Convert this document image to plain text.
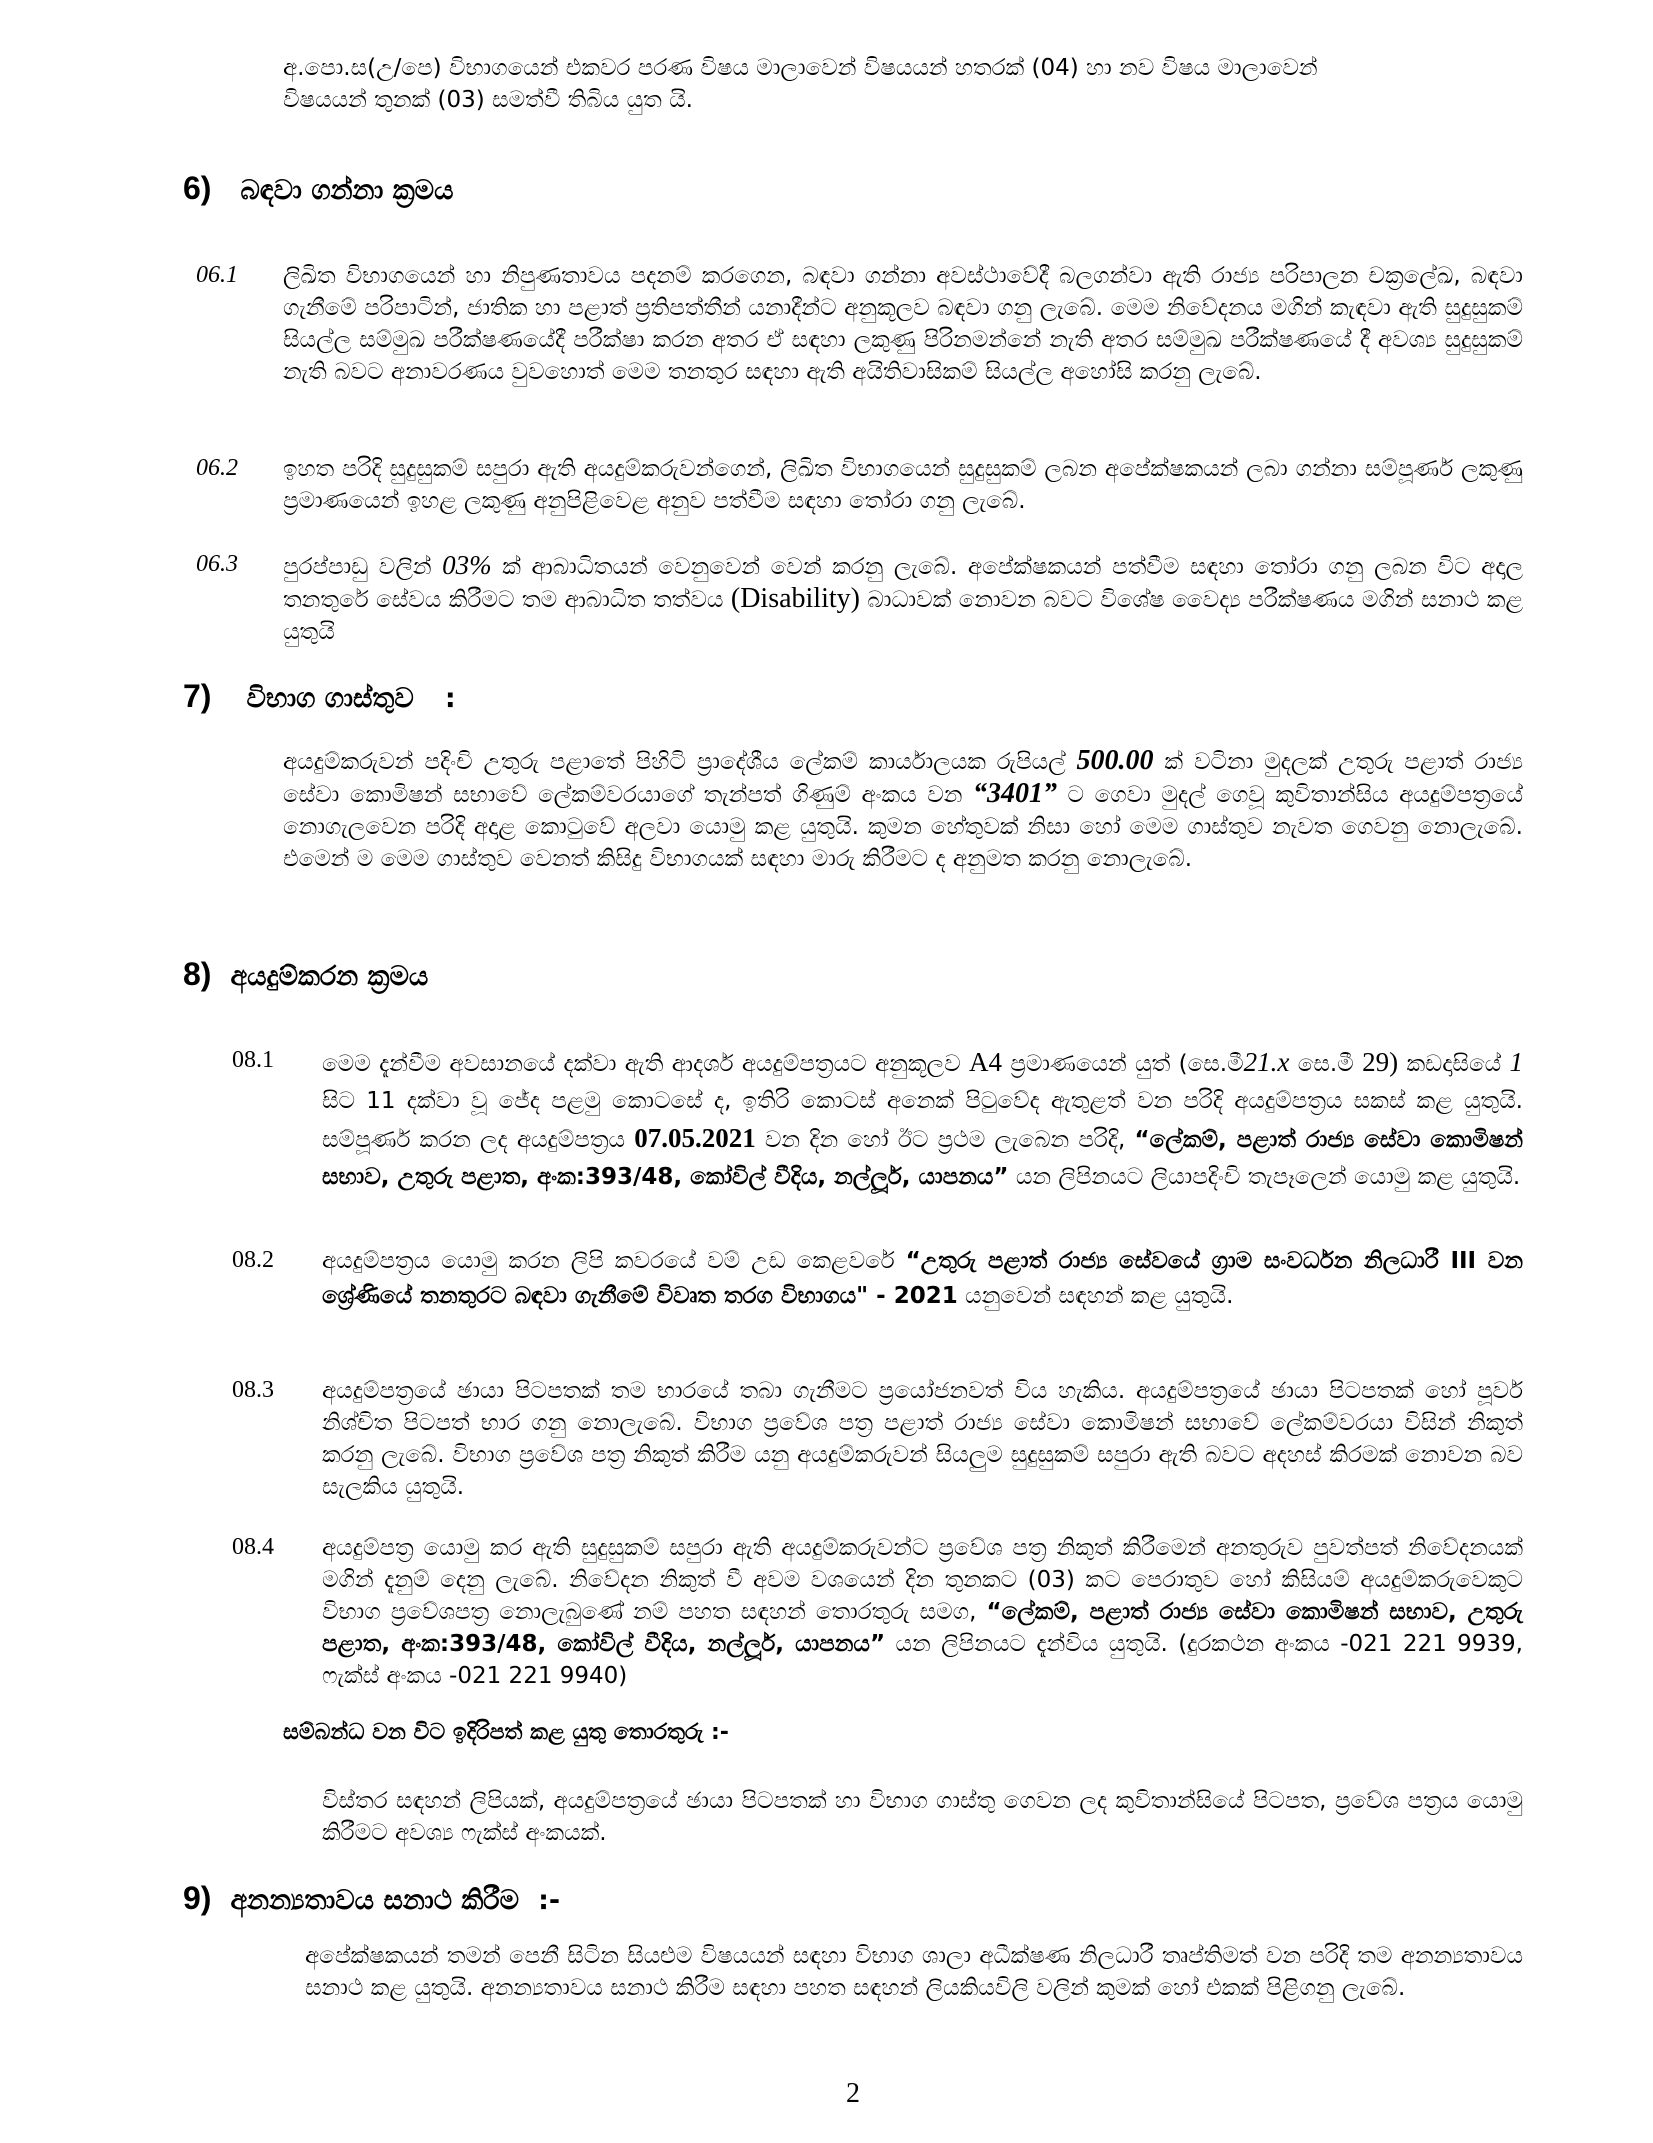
අ.පො.ස(උ/පෙ) විභාගයෙන් එකවර පරණ විෂය මාලාවෙන් විෂයයන් හතරක් (04) හා නව විෂය මාලාවෙන්

විෂයයන් තුනක් (03) සමත්වී තිබිය යුත යි.

6) බඳවා ගන්නා ක්‍රමය
06.1 ලිඛිත විභාගයෙන් හා නිපුණතාවය පදනම් කරගෙන, බඳවා ගන්නා අවස්ථාවේදී බලගන්වා ඇති රාජ්‍ය පරිපාලන චක්‍රලේඛ, බඳවා ගැනීමේ පරිපාටින්, ජාතික හා පළාත් ප්‍රතිපත්තීන් යනාදීන්ට අනුකූලව බඳවා ගනු ලැබේ. මෙම නිවේදනය මගින් කැඳවා ඇති සුදුසුකම් සියල්ල සම්මුඛ පරීක්ෂණයේදී පරීක්ෂා කරන අතර ඒ සඳහා ලකුණු පිරිනමන්නේ නැති අතර සම්මුඛ පරීක්ෂණයේ දී අවශ්‍ය සුදුසුකම් නැති බවට අනාවරණය වුවහොත් මෙම තනතුර සඳහා ඇති අයිතිවාසිකම් සියල්ල අහෝසි කරනු ලැබේ.

06.2 ඉහත පරිදි සුදුසුකම් සපුරා ඇති අයදුම්කරුවන්ගෙන්, ලිඛිත විභාගයෙන් සුදුසුකම් ලබන අපේක්ෂකයන් ලබා ගන්නා සම්පූර්ණ ලකුණු ප්‍රමාණයෙන් ඉහළ ලකුණු අනුපිළිවෙළ අනුව පත්වීම සඳහා තෝරා ගනු ලැබේ.

06.3 පුරප්පාඩු වලින් 03% ක් ආබාධිතයන් වෙනුවෙන් වෙන් කරනු ලැබේ. අපේක්ෂකයන් පත්වීම සඳහා තෝරා ගනු ලබන විට අදාල තනතුරේ සේවය කිරීමට තම ආබාධිත තත්වය (Disability) බාධාවක් නොවන බවට විශේෂ වෛද්‍ය පරීක්ෂණය මගින් සනාථ කළ යුතුයි

7) විභාග ගාස්තුව :

අයදුම්කරුවන් පදිංචි උතුරු පළාතේ පිහිටි ප්‍රාදේශීය ලේකම් කාර්යාලයක රුපියල් 500.00 ක් වටිනා මුදලක් උතුරු පළාත් රාජ්‍ය සේවා කොමිෂන් සභාවේ ලේකම්වරයාගේ තැන්පත් ගිණුම් අංකය වන “3401” ට ගෙවා මුදල් ගෙවූ කුවිතාන්සිය අයදුම්පත්‍රයේ නොගැලවෙන පරිදි අදාළ කොටුවේ අලවා යොමු කළ යුතුයි. කුමන හේතුවක් නිසා හෝ මෙම ගාස්තුව නැවත ගෙවනු නොලැබේ. එමෙන් ම මෙම ගාස්තුව වෙනත් කිසිදු විභාගයක් සඳහා මාරු කිරීමට ද අනුමත කරනු නොලැබේ.

8) අයදුම්කරන ක්‍රමය
08.1 මෙම දැන්වීම අවසානයේ දක්වා ඇති ආදර්ශ අයදුම්පත්‍රයට අනුකූලව A4 ප්‍රමාණයෙන් යුත් (සෙ.මී21.x සෙ.මී 29) කඩදාසියේ 1 සිට 11 දක්වා වූ ජේද පළමු කොටසේ ද, ඉතිරි කොටස් අනෙක් පිටුවේද ඇතුළත් වන පරිදි අයදුම්පත්‍රය සකස් කළ යුතුයි. සම්පූර්ණ කරන ලද අයදුම්පත්‍රය 07.05.2021 වන දින හෝ ඊට ප්‍රථම ලැබෙන පරිදි, “ලේකම්, පළාත් රාජ්‍ය සේවා කොමිෂන් සභාව, උතුරු පළාත, අංක:393/48, කෝවිල් වීදිය, නල්ලූර්, යාපනය” යන ලිපිනයට ලියාපදිංචි තැපෑලෙන් යොමු කළ යුතුයි.

08.2 අයදුම්පත්‍රය යොමු කරන ලිපි කවරයේ වම් උඩ කෙළවරේ “උතුරු පළාත් රාජ්‍ය සේවයේ ග්‍රාම සංවර්ධන නිලධාරී III වන ශ්‍රේණියේ තනතුරට බඳවා ගැනීමේ විවෘත තරග විභාගය" - 2021 යනුවෙන් සඳහන් කළ යුතුයි.

08.3 අයදුම්පත්‍රයේ ඡායා පිටපතක් තම භාරයේ තබා ගැනීමට ප්‍රයෝජනවත් විය හැකිය. අයදුම්පත්‍රයේ ඡායා පිටපතක් හෝ පූර්ව නිශ්චිත පිටපත් භාර ගනු නොලැබේ. විභාග ප්‍රවේශ පත්‍ර පළාත් රාජ්‍ය සේවා කොමිෂන් සභාවේ ලේකම්වරයා විසින් නිකුත් කරනු ලැබේ. විභාග ප්‍රවේශ පත්‍ර නිකුත් කිරීම යනු අයදුම්කරුවන් සියලුම සුදුසුකම් සපුරා ඇති බවට අදහස් කිරමක් නොවන බව සැලකිය යුතුයි.

08.4 අයදුම්පත්‍ර යොමු කර ඇති සුදුසුකම් සපුරා ඇති අයදුම්කරුවන්ට ප්‍රවේශ පත්‍ර නිකුත් කිරීමෙන් අනතුරුව පුවත්පත් නිවේදනයක් මගින් දැනුම් දෙනු ලැබේ. නිවේදන නිකුත් වී අවම වශයෙන් දින තුනකට (03) කට පෙරාතුව හෝ කිසියම් අයදුම්කරුවෙකුට විභාග ප්‍රවේශපත්‍ර නොලැබුණේ නම් පහත සඳහන් තොරතුරු සමග, “ලේකම්, පළාත් රාජ්‍ය සේවා කොමිෂන් සභාව, උතුරු පළාත, අංක:393/48, කෝවිල් වීදිය, නල්ලූර්, යාපනය” යන ලිපිනයට දැන්විය යුතුයි. (දුරකථන අංකය -021 221 9939, ෆැක්ස් අංකය -021 221 9940)

සම්බන්ධ වන විට ඉදිරිපත් කළ යුතු තොරතුරු :-

විස්තර සඳහන් ලිපියක්, අයදුම්පත්‍රයේ ඡායා පිටපතක් හා විභාග ගාස්තු ගෙවන ලද කුවිතාන්සියේ පිටපත, ප්‍රවේශ පත්‍රය යොමු කිරීමට අවශ්‍ය ෆැක්ස් අංකයක්.

9) අනන්‍යතාවය සනාථ කිරීම :-

අපේක්ෂකයන් තමන් පෙනී සිටින සියළුම විෂයයන් සඳහා විභාග ශාලා අධීක්ෂණ නිලධාරී තෘප්තිමත් වන පරිදි තම අනන්‍යතාවය සනාථ කළ යුතුයි. අනන්‍යතාවය සනාථ කිරීම සඳහා පහත සඳහන් ලියකියවිලි වලින් කුමක් හෝ එකක් පිළිගනු ලැබේ.

2
